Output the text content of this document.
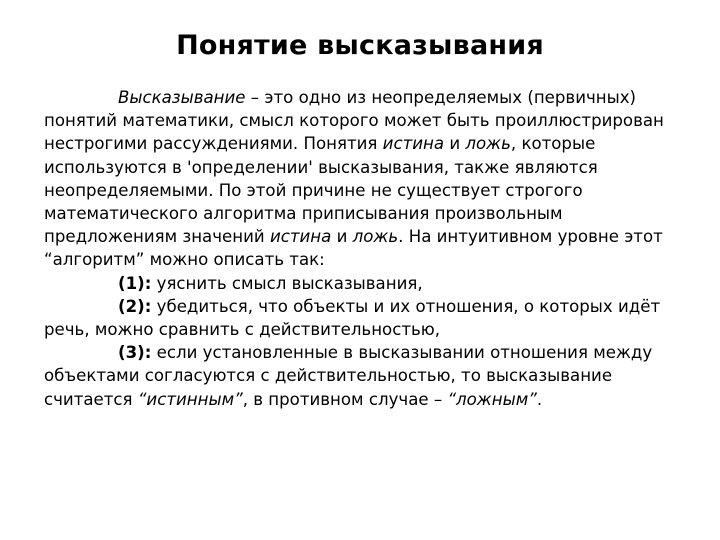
Понятие высказывания

Высказывание – это одно из неопределяемых (первичных) понятий математики, смысл которого может быть проиллюстрирован нестрогими рассуждениями. Понятия истина и ложь, которые используются в 'определении' высказывания, также являются неопределяемыми. По этой причине не существует строгого математического алгоритма приписывания произвольным предложениям значений истина и ложь. На интуитивном уровне этот “алгоритм” можно описать так:

(1): уяснить смысл высказывания,

(2): убедиться, что объекты и их отношения, о которых идёт речь, можно сравнить с действительностью,

(3): если установленные в высказывании отношения между объектами согласуются с действительностью, то высказывание считается “истинным”, в противном случае – “ложным”.
